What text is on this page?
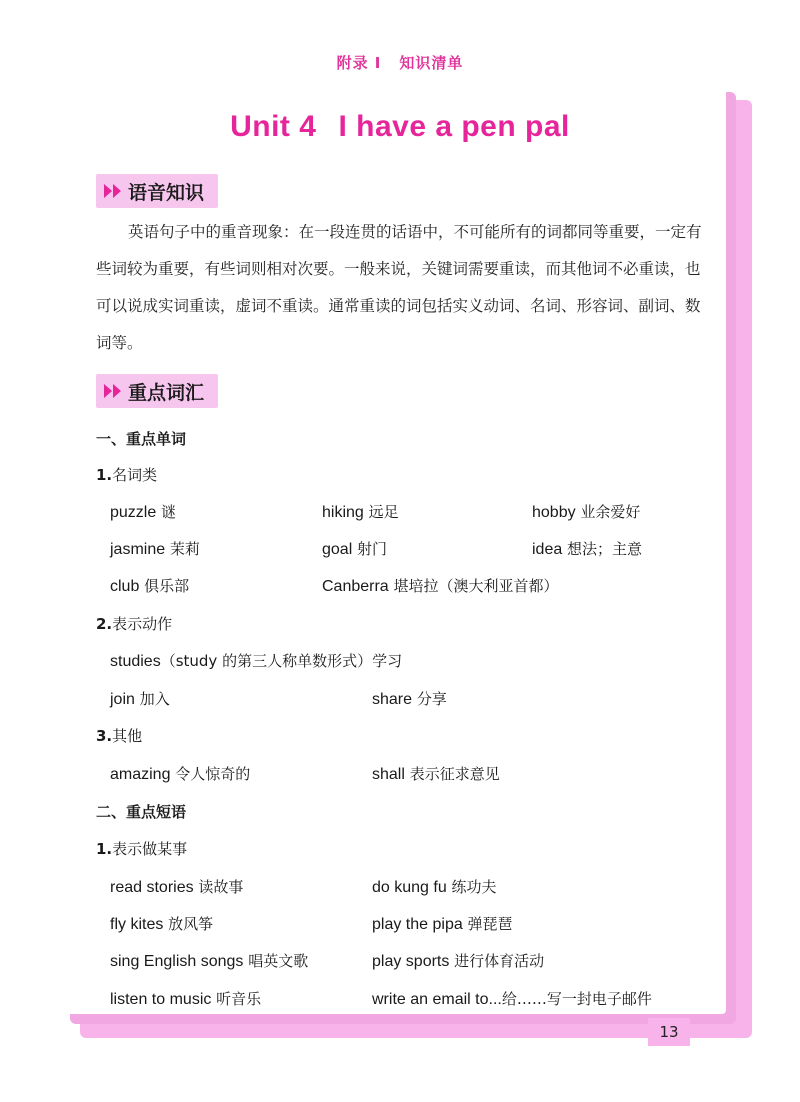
附录 I 知识清单
Unit 4 I have a pen pal
语音知识

英语句子中的重音现象：在一段连贯的话语中，不可能所有的词都同等重要，一定有些词较为重要，有些词则相对次要。一般来说，关键词需要重读，而其他词不必重读，也可以说成实词重读，虚词不重读。通常重读的词包括实义动词、名词、形容词、副词、数词等。

重点词汇
一、重点单词
1.名词类
puzzle 谜	hiking 远足	hobby 业余爱好
jasmine 茉莉	goal 射门	idea 想法；主意
club 俱乐部	Canberra 堪培拉（澳大利亚首都）
2.表示动作
studies（study 的第三人称单数形式）学习
join 加入	share 分享
3.其他
amazing 令人惊奇的	shall 表示征求意见
二、重点短语
1.表示做某事
read stories 读故事	do kung fu 练功夫
fly kites 放风筝	play the pipa 弹琵琶
sing English songs 唱英文歌	play sports 进行体育活动
listen to music 听音乐	write an email to...给……写一封电子邮件
13
